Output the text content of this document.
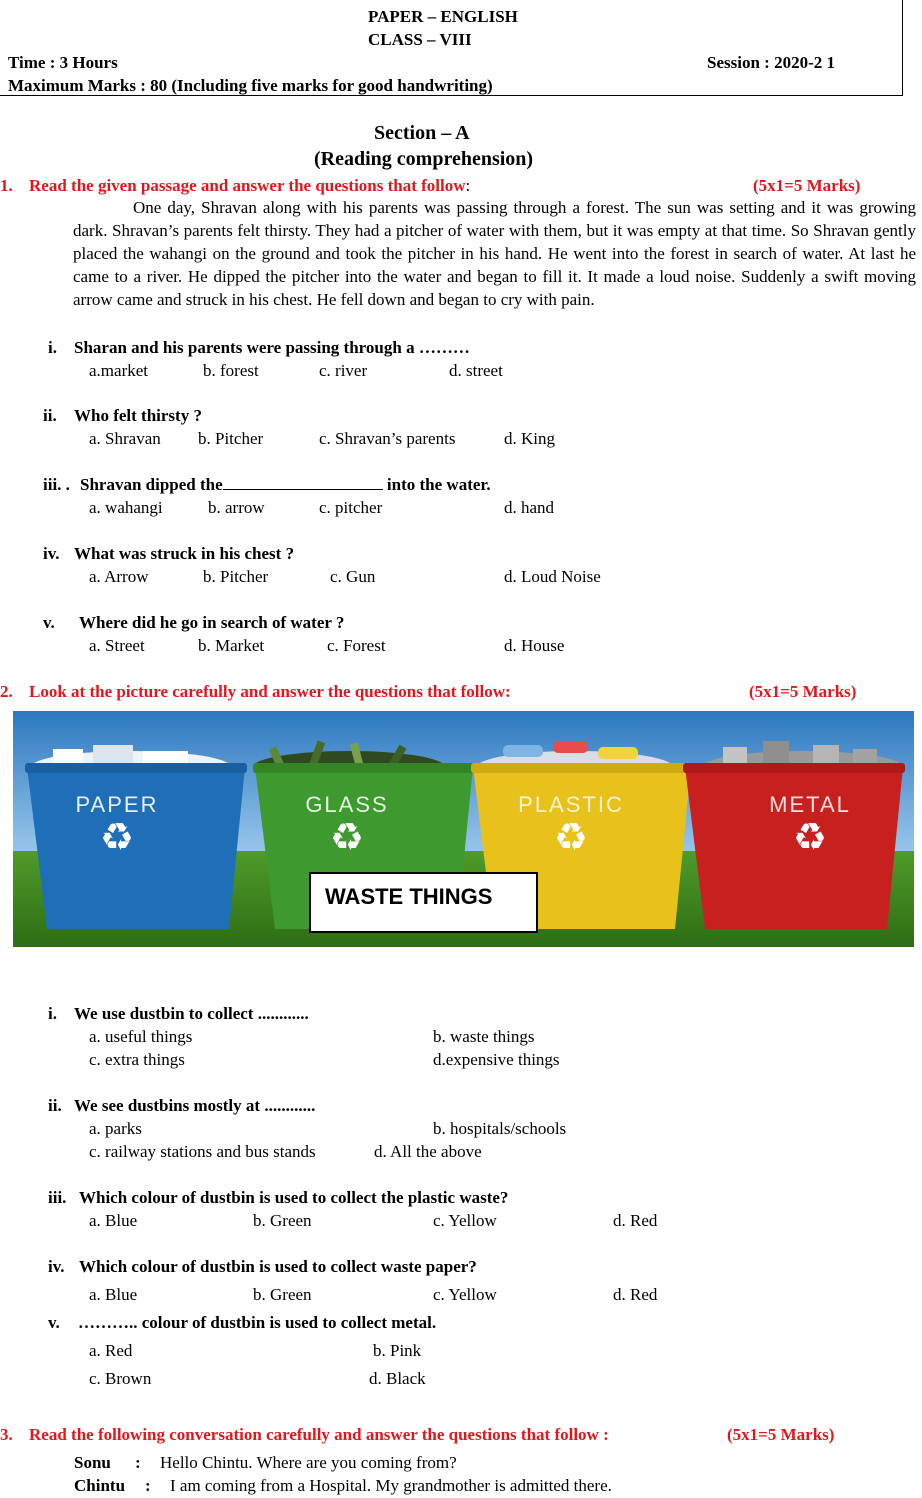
PAPER – ENGLISH
CLASS – VIII
Time : 3 Hours	Session : 2020-2 1
Maximum Marks : 80 (Including five marks for good handwriting)
Section – A
(Reading comprehension)
1. Read the given passage and answer the questions that follow:	(5x1=5 Marks)
One day, Shravan along with his parents was passing through a forest. The sun was setting and it was growing dark. Shravan’s parents felt thirsty. They had a pitcher of water with them, but it was empty at that time. So Shravan gently placed the wahangi on the ground and took the pitcher in his hand. He went into the forest in search of water. At last he came to a river. He dipped the pitcher into the water and began to fill it. It made a loud noise. Suddenly a swift moving arrow came and struck in his chest. He fell down and began to cry with pain.
i. Sharan and his parents were passing through a ………
a.market	b. forest	c. river	d. street
ii. Who felt thirsty ?
a. Shravan b. Pitcher	c. Shravan’s parents	d. King
iii. . Shravan dipped the	into the water.
a. wahangi	b. arrow	c. pitcher	d. hand
iv. What was struck in his chest ?
a. Arrow	b. Pitcher	c. Gun	d. Loud Noise
v. Where did he go in search of water ?
a. Street	b. Market	c. Forest	d. House
2. Look at the picture carefully and answer the questions that follow:	(5x1=5 Marks)
PAPER	GLASS	PLASTIC	METAL
♻	♻	♻	♻
WASTE THINGS
i. We use dustbin to collect ............
a. useful things	b. waste things
c. extra things	d.expensive things
ii. We see dustbins mostly at ............
a. parks	b. hospitals/schools
c. railway stations and bus stands	d. All the above
iii. Which colour of dustbin is used to collect the plastic waste?
a. Blue	b. Green	c. Yellow	d. Red
iv. Which colour of dustbin is used to collect waste paper?
a. Blue	b. Green	c. Yellow	d. Red
v. ……….. colour of dustbin is used to collect metal.
a. Red	b. Pink
c. Brown	d. Black
3. Read the following conversation carefully and answer the questions that follow :	(5x1=5 Marks)
Sonu : Hello Chintu. Where are you coming from?
Chintu : I am coming from a Hospital. My grandmother is admitted there.
